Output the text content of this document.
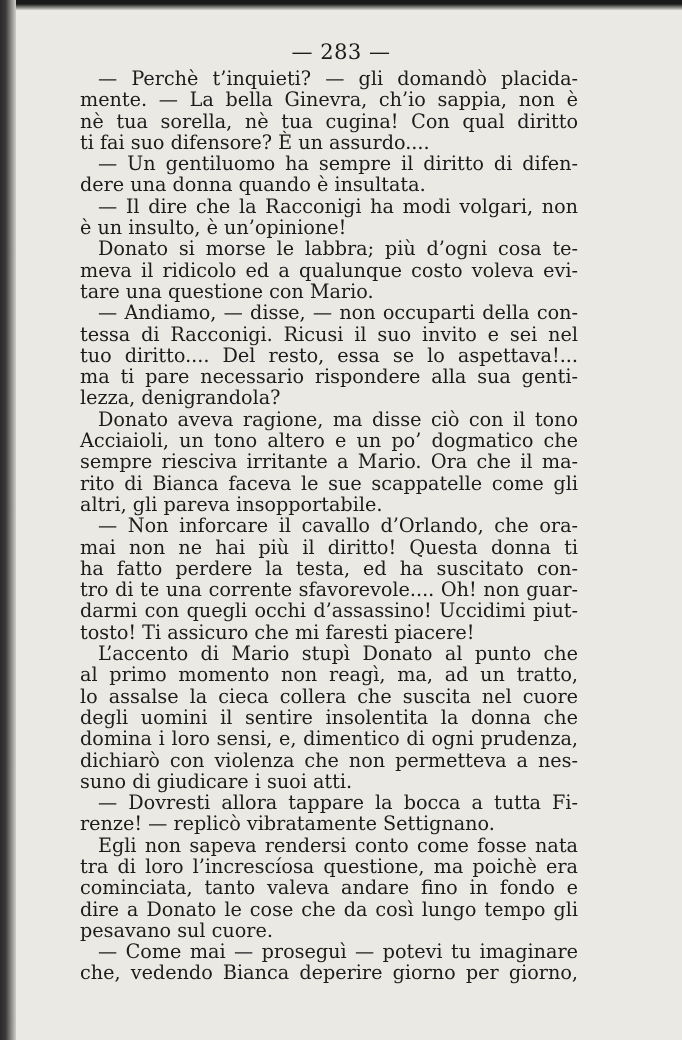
— 283 —
— Perchè t’inquieti? — gli domandò placida-
mente. — La bella Ginevra, ch’io sappia, non è
nè tua sorella, nè tua cugina! Con qual diritto
ti fai suo difensore? È un assurdo....
— Un gentiluomo ha sempre il diritto di difen-
dere una donna quando è insultata.
— Il dire che la Racconigi ha modi volgari, non
è un insulto, è un’opinione!
Donato si morse le labbra; più d’ogni cosa te-
meva il ridicolo ed a qualunque costo voleva evi-
tare una questione con Mario.
— Andiamo, — disse, — non occuparti della con-
tessa di Racconigi. Ricusi il suo invito e sei nel
tuo diritto.... Del resto, essa se lo aspettava!...
ma ti pare necessario rispondere alla sua genti-
lezza, denigrandola?
Donato aveva ragione, ma disse ciò con il tono
Acciaioli, un tono altero e un po’ dogmatico che
sempre riesciva irritante a Mario. Ora che il ma-
rito di Bianca faceva le sue scappatelle come gli
altri, gli pareva insopportabile.
— Non inforcare il cavallo d’Orlando, che ora-
mai non ne hai più il diritto! Questa donna ti
ha fatto perdere la testa, ed ha suscitato con-
tro di te una corrente sfavorevole.... Oh! non guar-
darmi con quegli occhi d’assassino! Uccidimi piut-
tosto! Ti assicuro che mi faresti piacere!
L’accento di Mario stupì Donato al punto che
al primo momento non reagì, ma, ad un tratto,
lo assalse la cieca collera che suscita nel cuore
degli uomini il sentire insolentita la donna che
domina i loro sensi, e, dimentico di ogni prudenza,
dichiarò con violenza che non permetteva a nes-
suno di giudicare i suoi atti.
— Dovresti allora tappare la bocca a tutta Fi-
renze! — replicò vibratamente Settignano.
Egli non sapeva rendersi conto come fosse nata
tra di loro l’increscíosa questione, ma poichè era
cominciata, tanto valeva andare fino in fondo e
dire a Donato le cose che da così lungo tempo gli
pesavano sul cuore.
— Come mai — proseguì — potevi tu imaginare
che, vedendo Bianca deperire giorno per giorno,
